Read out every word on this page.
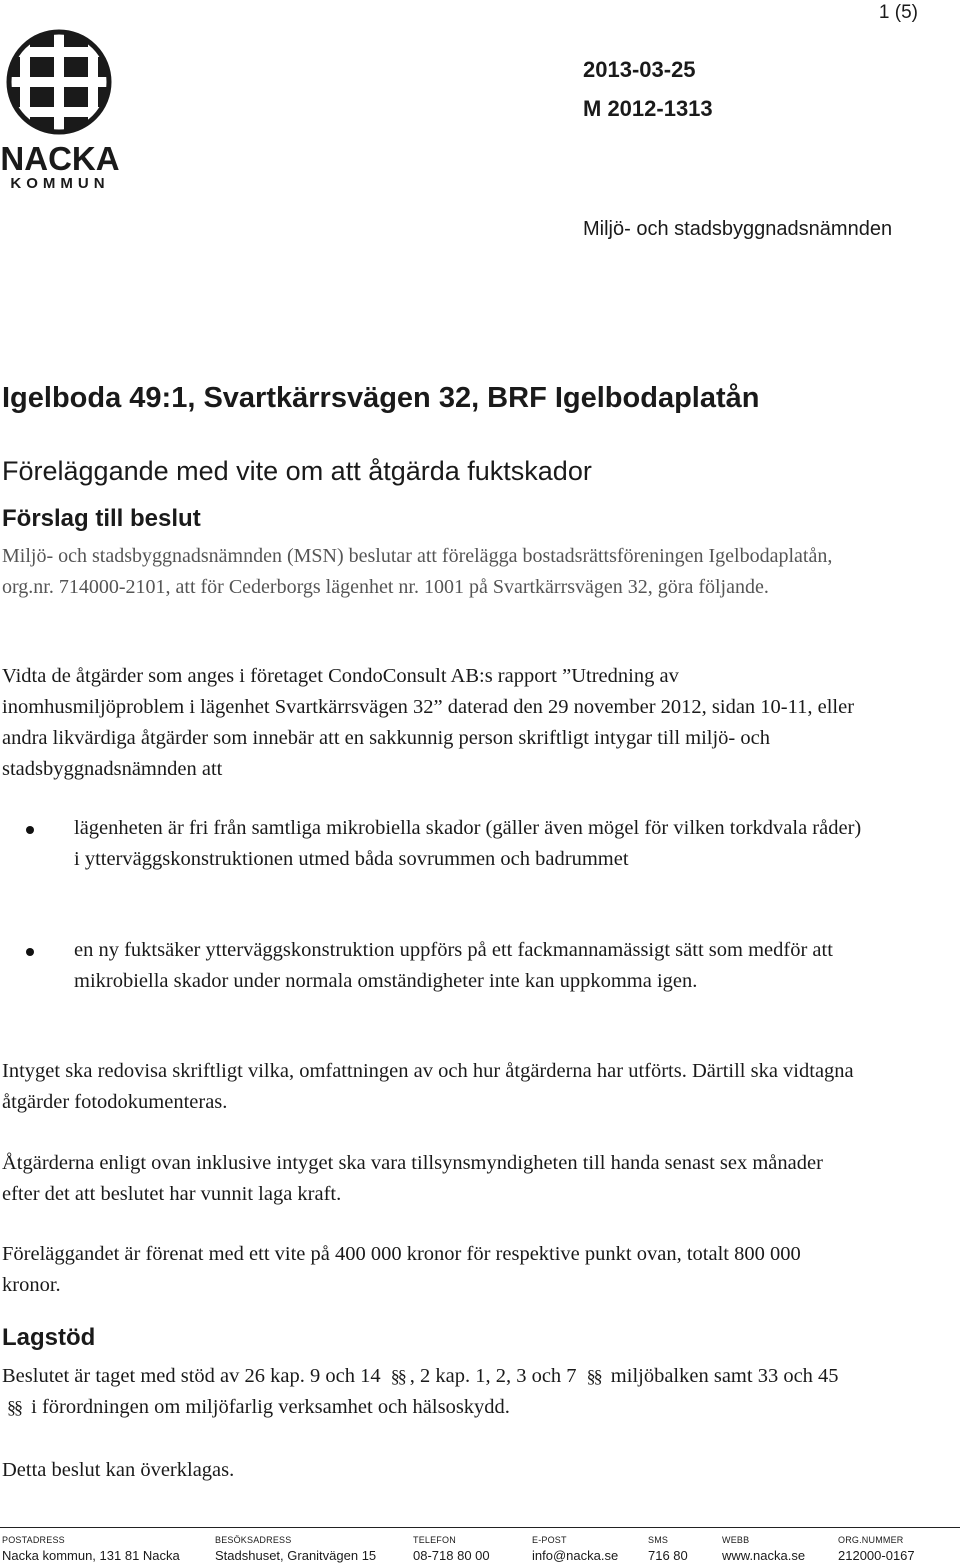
1 (5)
NACKA
KOMMUN
2013-03-25
M 2012-1313
Miljö- och stadsbyggnadsnämnden
Igelboda 49:1, Svartkärrsvägen 32, BRF Igelbodaplatån
Föreläggande med vite om att åtgärda fuktskador
Förslag till beslut
Miljö- och stadsbyggnadsnämnden (MSN) beslutar att förelägga bostadsrättsföreningen Igelbodaplatån, org.nr. 714000-2101, att för Cederborgs lägenhet nr. 1001 på Svartkärrsvägen 32, göra följande.
Vidta de åtgärder som anges i företaget CondoConsult AB:s rapport ”Utredning av inomhusmiljöproblem i lägenhet Svartkärrsvägen 32” daterad den 29 november 2012, sidan 10-11, eller andra likvärdiga åtgärder som innebär att en sakkunnig person skriftligt intygar till miljö- och stadsbyggnadsnämnden att
lägenheten är fri från samtliga mikrobiella skador (gäller även mögel för vilken torkdvala råder) i ytterväggskonstruktionen utmed båda sovrummen och badrummet
en ny fuktsäker ytterväggskonstruktion uppförs på ett fackmannamässigt sätt som medför att mikrobiella skador under normala omständigheter inte kan uppkomma igen.
Intyget ska redovisa skriftligt vilka, omfattningen av och hur åtgärderna har utförts. Därtill ska vidtagna åtgärder fotodokumenteras.
Åtgärderna enligt ovan inklusive intyget ska vara tillsynsmyndigheten till handa senast sex månader efter det att beslutet har vunnit laga kraft.
Föreläggandet är förenat med ett vite på 400 000 kronor för respektive punkt ovan, totalt 800 000 kronor.
Lagstöd
Beslutet är taget med stöd av 26 kap. 9 och 14 §§ , 2 kap. 1, 2, 3 och 7 §§ miljöbalken samt 33 och 45 §§ i förordningen om miljöfarlig verksamhet och hälsoskydd.
Detta beslut kan överklagas.
POSTADRESS
Nacka kommun, 131 81 Nacka
BESÖKSADRESS
Stadshuset, Granitvägen 15
TELEFON
08-718 80 00
E-POST
info@nacka.se
SMS
716 80
WEBB
www.nacka.se
ORG.NUMMER
212000-0167
